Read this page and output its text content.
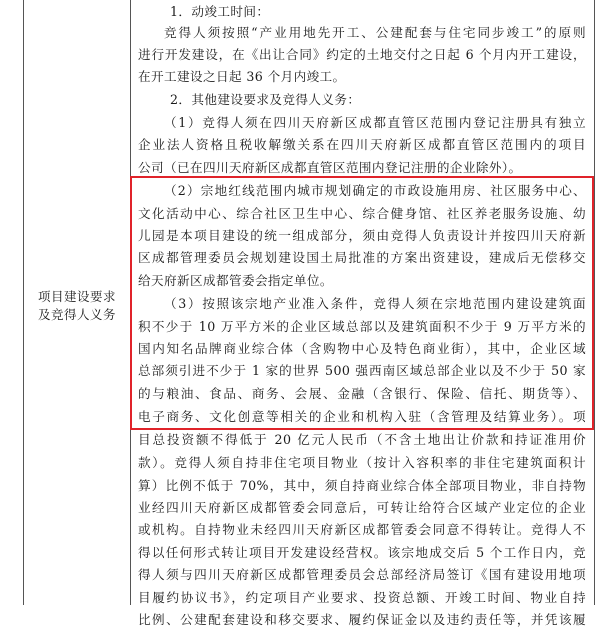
项目建设要求
及竞得人义务
1．动竣工时间：
竞得人须按照“产业用地先开工、公建配套与住宅同步竣工”的原则
进行开发建设，在《出让合同》约定的土地交付之日起 6 个月内开工建设，
在开工建设之日起 36 个月内竣工。
2．其他建设要求及竞得人义务：
（1）竞得人须在四川天府新区成都直管区范围内登记注册具有独立
企业法人资格且税收解缴关系在四川天府新区成都直管区范围内的项目
公司（已在四川天府新区成都直管区范围内登记注册的企业除外）。
（2）宗地红线范围内城市规划确定的市政设施用房、社区服务中心、
文化活动中心、综合社区卫生中心、综合健身馆、社区养老服务设施、幼
儿园是本项目建设的统一组成部分，须由竞得人负责设计并按四川天府新
区成都管理委员会规划建设国土局批准的方案出资建设，建成后无偿移交
给天府新区成都管委会指定单位。
（3）按照该宗地产业准入条件，竞得人须在宗地范围内建设建筑面
积不少于 10 万平方米的企业区域总部以及建筑面积不少于 9 万平方米的
国内知名品牌商业综合体（含购物中心及特色商业街），其中，企业区域
总部须引进不少于 1 家的世界 500 强西南区域总部企业以及不少于 50 家
的与粮油、食品、商务、会展、金融（含银行、保险、信托、期货等）、
电子商务、文化创意等相关的企业和机构入驻（含管理及结算业务）。项
目总投资额不得低于 20 亿元人民币（不含土地出让价款和持证准用价
款）。竞得人须自持非住宅项目物业（按计入容积率的非住宅建筑面积计
算）比例不低于 70%，其中，须自持商业综合体全部项目物业，非自持物
业经四川天府新区成都管委会同意后，可转让给符合区域产业定位的企业
或机构。自持物业未经四川天府新区成都管委会同意不得转让。竞得人不
得以任何形式转让项目开发建设经营权。该宗地成交后 5 个工作日内，竞
得人须与四川天府新区成都管理委员会总部经济局签订《国有建设用地项
目履约协议书》，约定项目产业要求、投资总额、开竣工时间、物业自持
比例、公建配套建设和移交要求、履约保证金以及违约责任等，并凭该履
